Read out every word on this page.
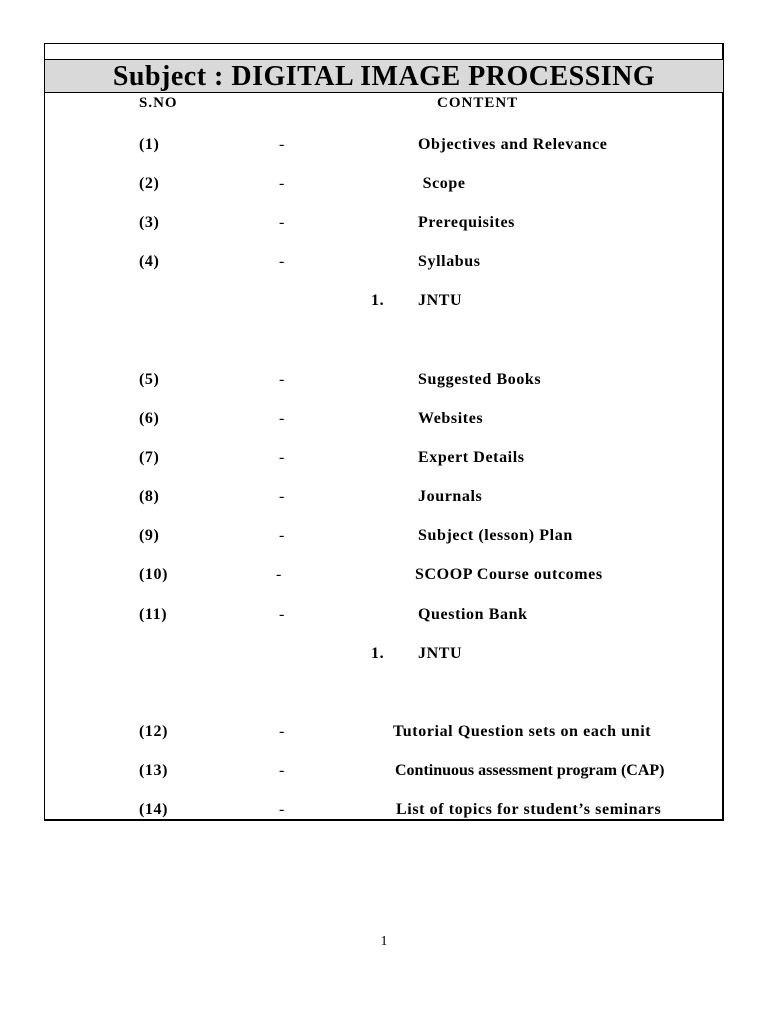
Subject : DIGITAL IMAGE PROCESSING
S.NO	CONTENT
(1)	-	Objectives and Relevance
(2)	-	Scope
(3)	-	Prerequisites
(4)	-	Syllabus
1. JNTU
(5)	-	Suggested Books
(6)	-	Websites
(7)	-	Expert Details
(8)	-	Journals
(9)	-	Subject (lesson) Plan
(10)	-	SCOOP Course outcomes
(11)	-	Question Bank
1. JNTU
(12)	-	Tutorial Question sets on each unit
(13)	-	Continuous assessment program (CAP)
(14)	-	List of topics for student’s seminars
1
